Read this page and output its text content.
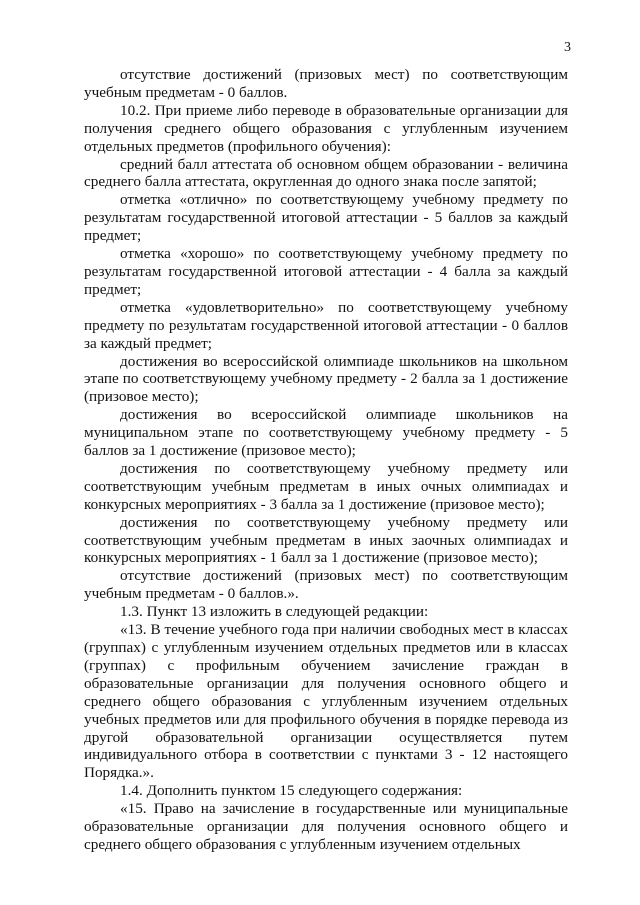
3

отсутствие достижений (призовых мест) по соответствующим учебным предметам - 0 баллов.

10.2. При приеме либо переводе в образовательные организации для получения среднего общего образования с углубленным изучением отдельных предметов (профильного обучения):

средний балл аттестата об основном общем образовании - величина среднего балла аттестата, округленная до одного знака после запятой;

отметка «отлично» по соответствующему учебному предмету по результатам государственной итоговой аттестации - 5 баллов за каждый предмет;

отметка «хорошо» по соответствующему учебному предмету по результатам государственной итоговой аттестации - 4 балла за каждый предмет;

отметка «удовлетворительно» по соответствующему учебному предмету по результатам государственной итоговой аттестации - 0 баллов за каждый предмет;

достижения во всероссийской олимпиаде школьников на школьном этапе по соответствующему учебному предмету - 2 балла за 1 достижение (призовое место);

достижения во всероссийской олимпиаде школьников на муниципальном этапе по соответствующему учебному предмету - 5 баллов за 1 достижение (призовое место);

достижения по соответствующему учебному предмету или соответствующим учебным предметам в иных очных олимпиадах и конкурсных мероприятиях - 3 балла за 1 достижение (призовое место);

достижения по соответствующему учебному предмету или соответствующим учебным предметам в иных заочных олимпиадах и конкурсных мероприятиях - 1 балл за 1 достижение (призовое место);

отсутствие достижений (призовых мест) по соответствующим учебным предметам - 0 баллов.».

1.3. Пункт 13 изложить в следующей редакции:

«13. В течение учебного года при наличии свободных мест в классах (группах) с углубленным изучением отдельных предметов или в классах (группах) с профильным обучением зачисление граждан в образовательные организации для получения основного общего и среднего общего образования с углубленным изучением отдельных учебных предметов или для профильного обучения в порядке перевода из другой образовательной организации осуществляется путем индивидуального отбора в соответствии с пунктами 3 - 12 настоящего Порядка.».

1.4. Дополнить пунктом 15 следующего содержания:

«15. Право на зачисление в государственные или муниципальные образовательные организации для получения основного общего и среднего общего образования с углубленным изучением отдельных
